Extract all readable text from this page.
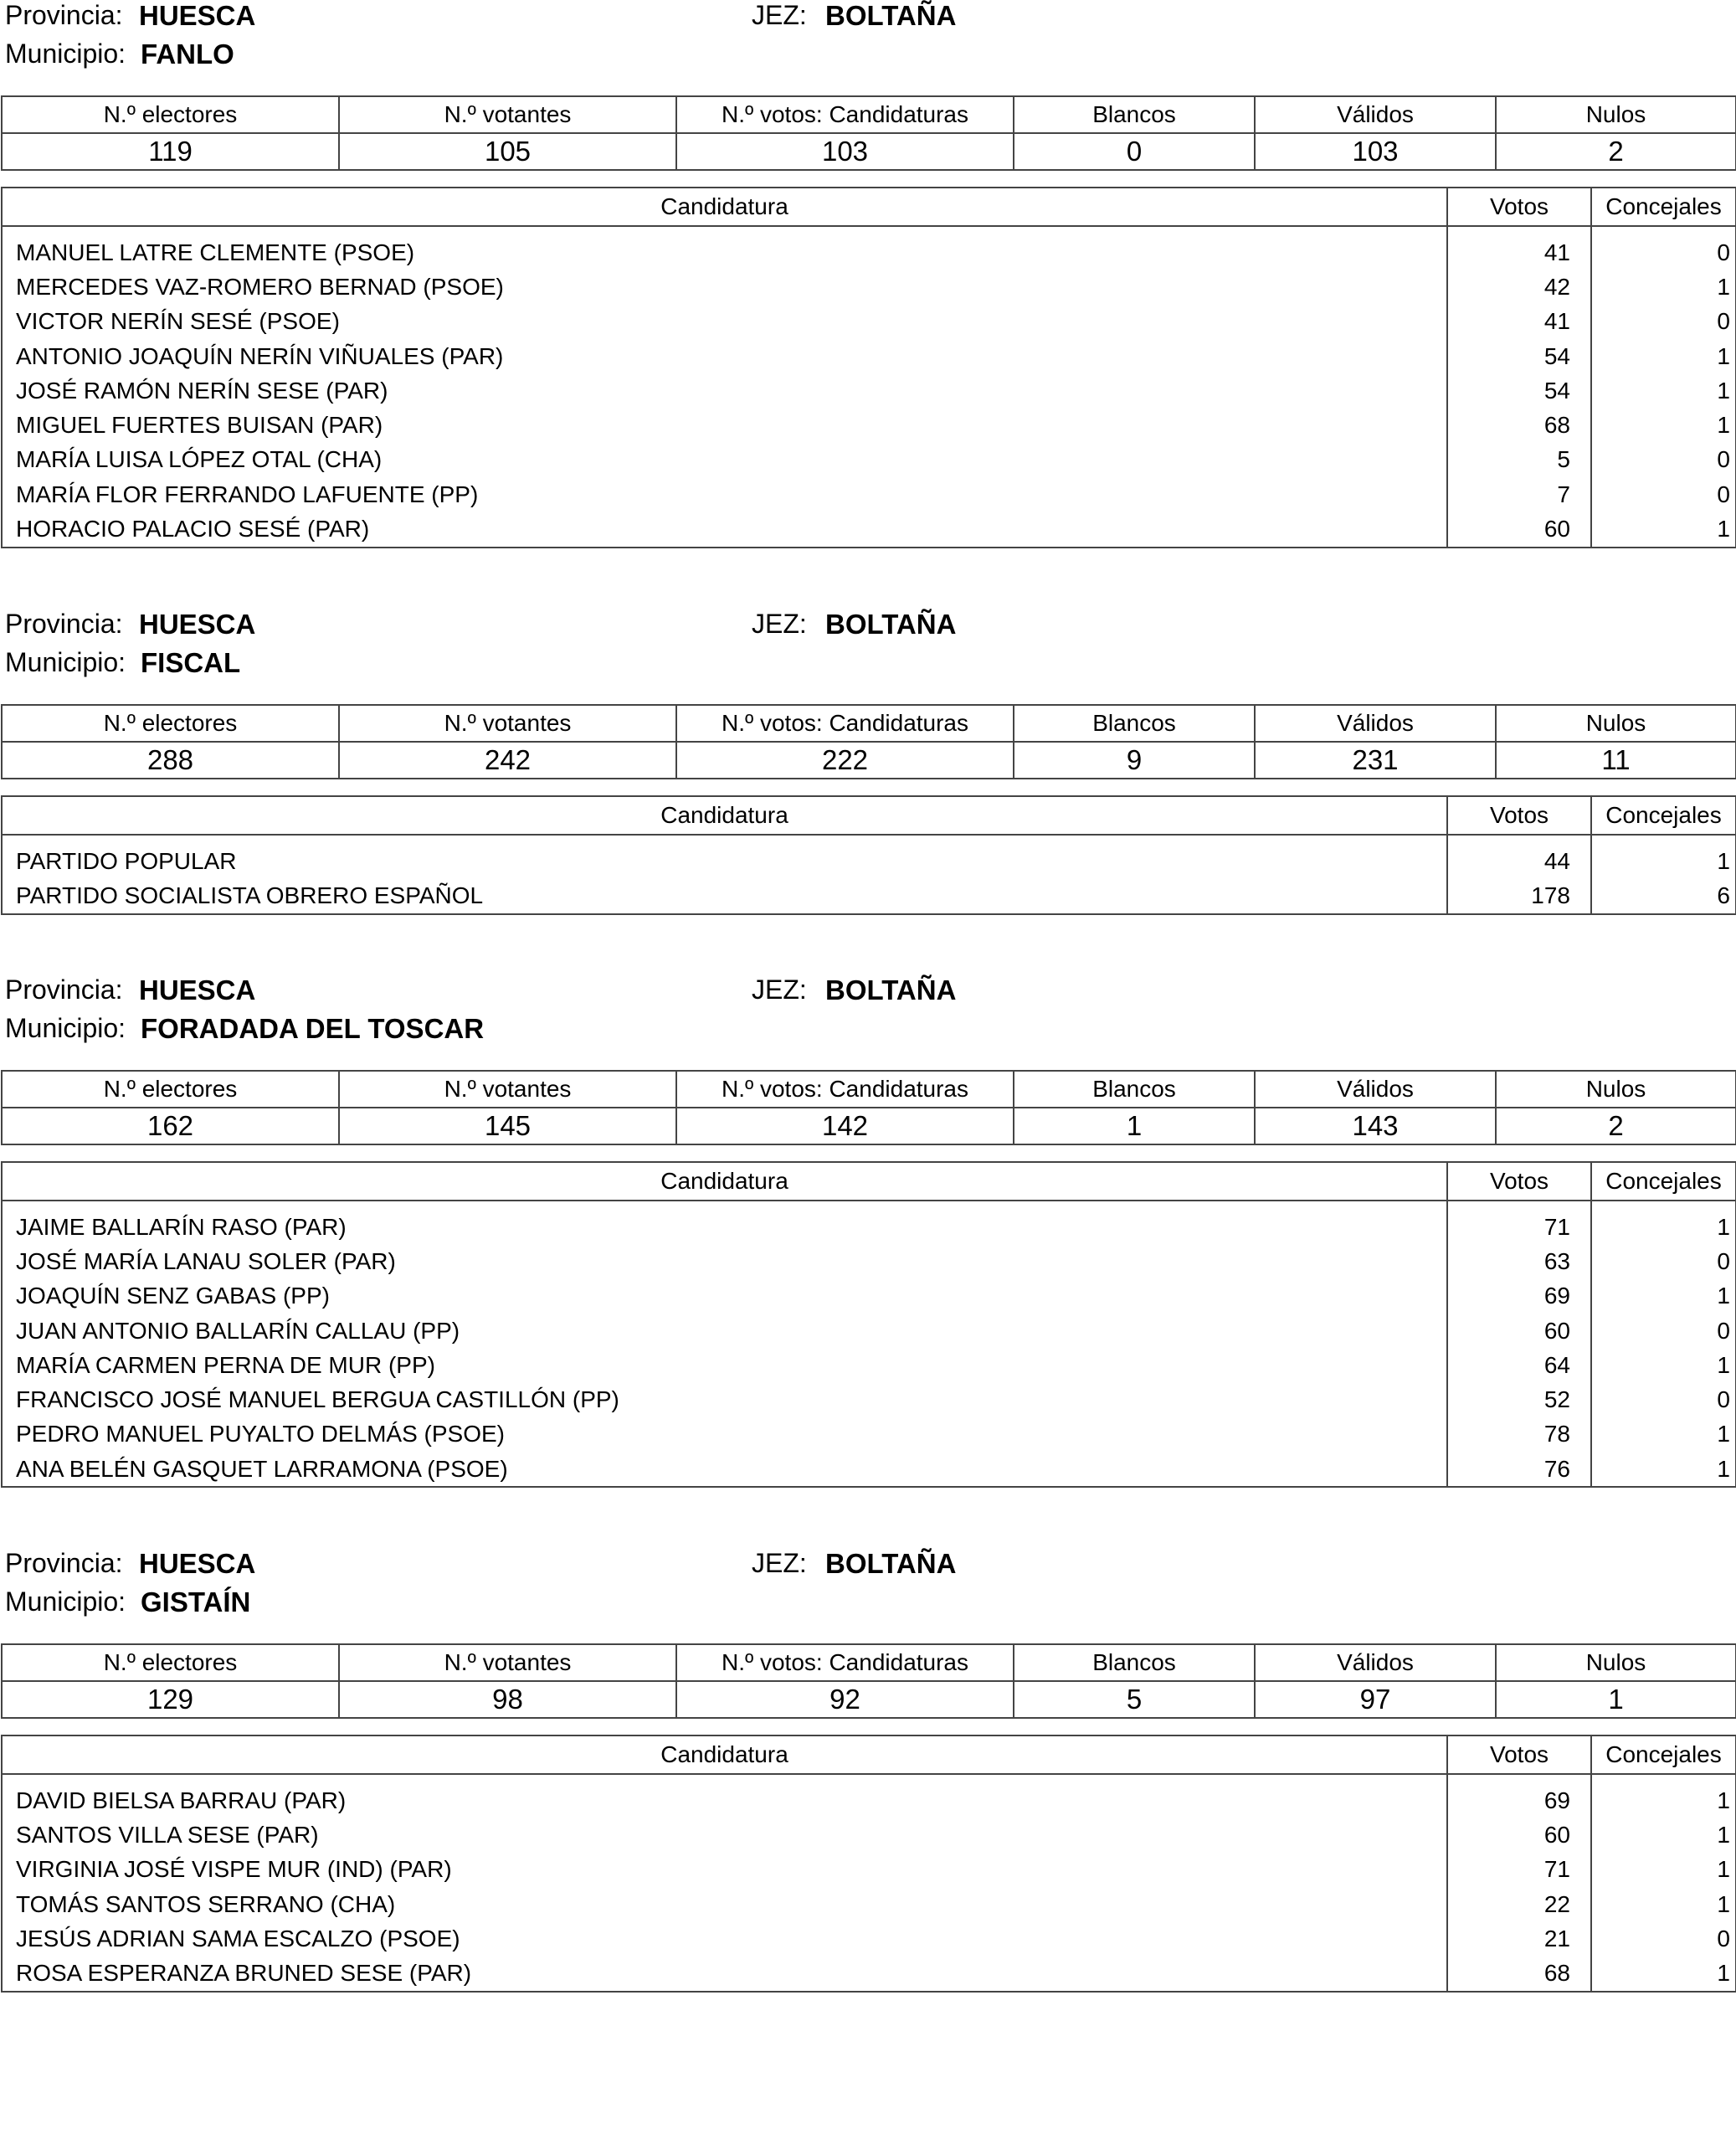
Provincia: HUESCA	JEZ: BOLTAÑA
Municipio: FANLO
N.º electores	N.º votantes	N.º votos: Candidaturas	Blancos	Válidos	Nulos
119	105	103	0	103	2
Candidatura	Votos	Concejales

MANUEL LATRE CLEMENTE (PSOE)	41	0
MERCEDES VAZ-ROMERO BERNAD (PSOE)	42	1
VICTOR NERÍN SESÉ (PSOE)	41	0
ANTONIO JOAQUÍN NERÍN VIÑUALES (PAR)	54	1
JOSÉ RAMÓN NERÍN SESE (PAR)	54	1
MIGUEL FUERTES BUISAN (PAR)	68	1
MARÍA LUISA LÓPEZ OTAL (CHA)	5	0
MARÍA FLOR FERRANDO LAFUENTE (PP)	7	0
HORACIO PALACIO SESÉ (PAR)	60	1
Provincia: HUESCA	JEZ: BOLTAÑA
Municipio: FISCAL
N.º electores	N.º votantes	N.º votos: Candidaturas	Blancos	Válidos	Nulos
288	242	222	9	231	11
Candidatura	Votos	Concejales

PARTIDO POPULAR	44	1
PARTIDO SOCIALISTA OBRERO ESPAÑOL	178	6
Provincia: HUESCA	JEZ: BOLTAÑA
Municipio: FORADADA DEL TOSCAR
N.º electores	N.º votantes	N.º votos: Candidaturas	Blancos	Válidos	Nulos
162	145	142	1	143	2
Candidatura	Votos	Concejales

JAIME BALLARÍN RASO (PAR)	71	1
JOSÉ MARÍA LANAU SOLER (PAR)	63	0
JOAQUÍN SENZ GABAS (PP)	69	1
JUAN ANTONIO BALLARÍN CALLAU (PP)	60	0
MARÍA CARMEN PERNA DE MUR (PP)	64	1
FRANCISCO JOSÉ MANUEL BERGUA CASTILLÓN (PP)	52	0
PEDRO MANUEL PUYALTO DELMÁS (PSOE)	78	1
ANA BELÉN GASQUET LARRAMONA (PSOE)	76	1
Provincia: HUESCA	JEZ: BOLTAÑA
Municipio: GISTAÍN
N.º electores	N.º votantes	N.º votos: Candidaturas	Blancos	Válidos	Nulos
129	98	92	5	97	1
Candidatura	Votos	Concejales

DAVID BIELSA BARRAU (PAR)	69	1
SANTOS VILLA SESE (PAR)	60	1
VIRGINIA JOSÉ VISPE MUR (IND) (PAR)	71	1
TOMÁS SANTOS SERRANO (CHA)	22	1
JESÚS ADRIAN SAMA ESCALZO (PSOE)	21	0
ROSA ESPERANZA BRUNED SESE (PAR)	68	1
